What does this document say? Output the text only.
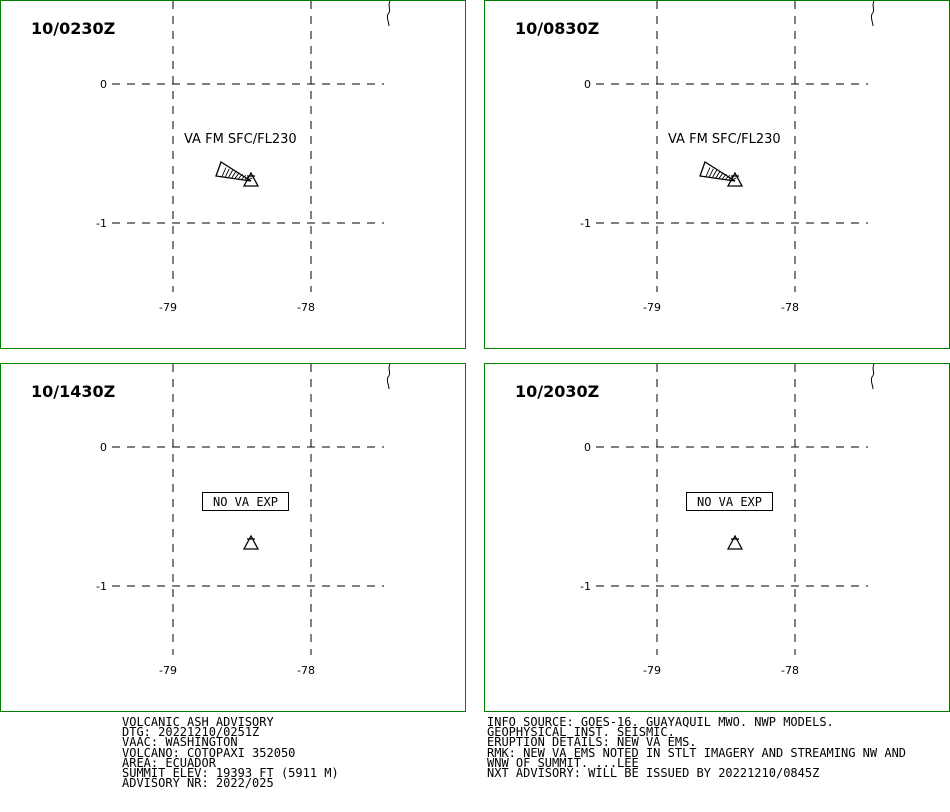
10/0230Z
0
-1
-79	-78
VA FM SFC/FL230
10/0830Z
0
-1
-79	-78
VA FM SFC/FL230
10/1430Z
0
-1
-79	-78
NO VA EXP
10/2030Z
0
-1
-79	-78
NO VA EXP
VOLCANIC ASH ADVISORY
DTG: 20221210/0251Z
VAAC: WASHINGTON
VOLCANO: COTOPAXI 352050
AREA: ECUADOR
SUMMIT ELEV: 19393 FT (5911 M)
ADVISORY NR: 2022/025
INFO SOURCE: GOES-16. GUAYAQUIL MWO. NWP MODELS.
GEOPHYSICAL INST. SEISMIC.
ERUPTION DETAILS: NEW VA EMS.
RMK: NEW VA EMS NOTED IN STLT IMAGERY AND STREAMING NW AND
WNW OF SUMMIT. ...LEE
NXT ADVISORY: WILL BE ISSUED BY 20221210/0845Z
